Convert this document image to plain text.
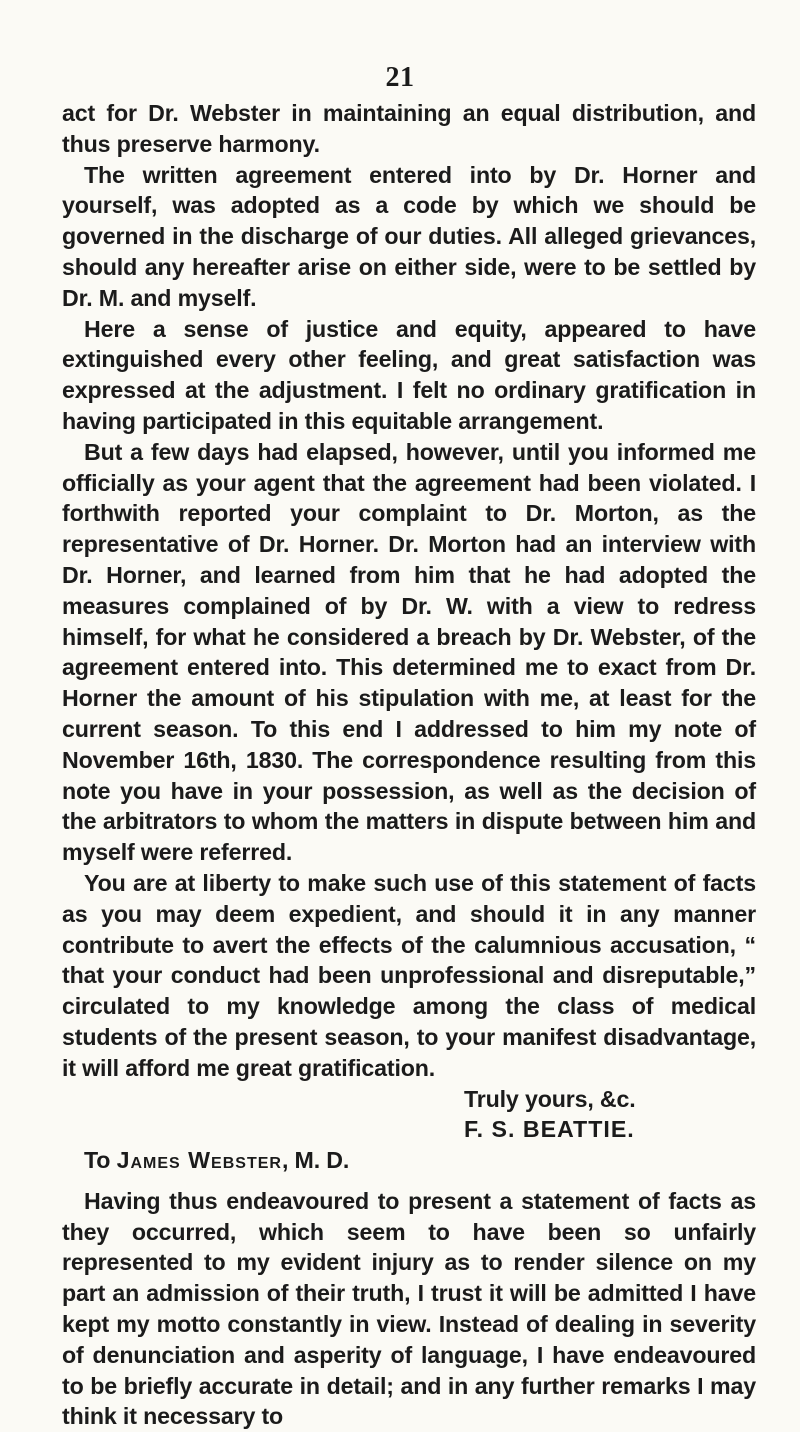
21

act for Dr. Webster in maintaining an equal distribution, and thus preserve harmony.

The written agreement entered into by Dr. Horner and yourself, was adopted as a code by which we should be governed in the discharge of our duties. All alleged grievances, should any hereafter arise on either side, were to be settled by Dr. M. and myself.

Here a sense of justice and equity, appeared to have extinguished every other feeling, and great satisfaction was expressed at the adjustment. I felt no ordinary gratification in having participated in this equitable arrangement.

But a few days had elapsed, however, until you informed me officially as your agent that the agreement had been violated. I forthwith reported your complaint to Dr. Morton, as the representative of Dr. Horner. Dr. Morton had an interview with Dr. Horner, and learned from him that he had adopted the measures complained of by Dr. W. with a view to redress himself, for what he considered a breach by Dr. Webster, of the agreement entered into. This determined me to exact from Dr. Horner the amount of his stipulation with me, at least for the current season. To this end I addressed to him my note of November 16th, 1830. The correspondence resulting from this note you have in your possession, as well as the decision of the arbitrators to whom the matters in dispute between him and myself were referred.

You are at liberty to make such use of this statement of facts as you may deem expedient, and should it in any manner contribute to avert the effects of the calumnious accusation, “ that your conduct had been unprofessional and disreputable,” circulated to my knowledge among the class of medical students of the present season, to your manifest disadvantage, it will afford me great gratification.

Truly yours, &c.

F. S. BEATTIE.

To James Webster, M. D.

Having thus endeavoured to present a statement of facts as they occurred, which seem to have been so unfairly represented to my evident injury as to render silence on my part an admission of their truth, I trust it will be admitted I have kept my motto constantly in view. Instead of dealing in severity of denunciation and asperity of language, I have endeavoured to be briefly accurate in detail; and in any further remarks I may think it necessary to
